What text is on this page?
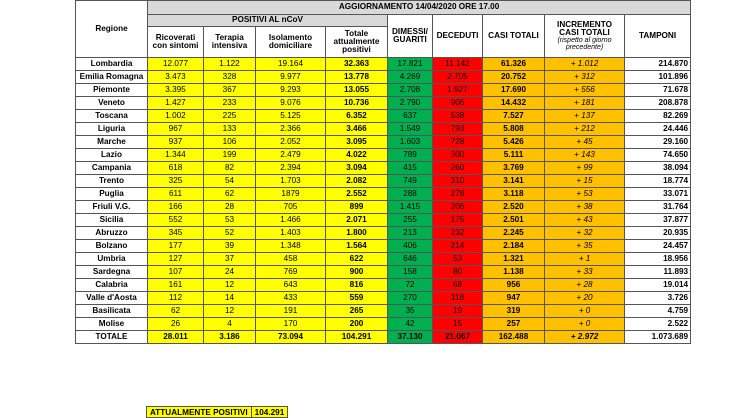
Regione	AGGIORNAMENTO 14/04/2020 ORE 17.00								
	POSITIVI AL nCoV				DIMESSI/ GUARITI	DECEDUTI	CASI TOTALI	INCREMENTO CASI TOTALI
(rispetto al giorno precedente)	TAMPONI
	Ricoverati con sintomi	Terapia intensiva	Isolamento domiciliare	Totale attualmente positivi					
Lombardia	12.077	1.122	19.164	32.363	17.821	11.142	61.326	+ 1.012	214.870
Emilia Romagna	3.473	328	9.977	13.778	4.269	2.705	20.752	+ 312	101.896
Piemonte	3.395	367	9.293	13.055	2.708	1.927	17.690	+ 556	71.678
Veneto	1.427	233	9.076	10.736	2.790	906	14.432	+ 181	208.878
Toscana	1.002	225	5.125	6.352	637	538	7.527	+ 137	82.269
Liguria	967	133	2.366	3.466	1.549	793	5.808	+ 212	24.446
Marche	937	106	2.052	3.095	1.603	728	5.426	+ 45	29.160
Lazio	1.344	199	2.479	4.022	789	300	5.111	+ 143	74.650
Campania	618	82	2.394	3.094	415	260	3.769	+ 99	38.094
Trento	325	54	1.703	2.082	749	310	3.141	+ 15	18.774
Puglia	611	62	1879	2.552	288	278	3.118	+ 53	33.071
Friuli V.G.	166	28	705	899	1.415	206	2.520	+ 38	31.764
Sicilia	552	53	1.466	2.071	255	175	2.501	+ 43	37.877
Abruzzo	345	52	1.403	1.800	213	232	2.245	+ 32	20.935
Bolzano	177	39	1.348	1.564	406	214	2.184	+ 35	24.457
Umbria	127	37	458	622	646	53	1.321	+ 1	18.956
Sardegna	107	24	769	900	158	80	1.138	+ 33	11.893
Calabria	161	12	643	816	72	68	956	+ 28	19.014
Valle d'Aosta	112	14	433	559	270	118	947	+ 20	3.726
Basilicata	62	12	191	265	35	19	319	+ 0	4.759
Molise	26	4	170	200	42	15	257	+ 0	2.522
TOTALE	28.011	3.186	73.094	104.291	37.130	21.067	162.488	+ 2.972	1.073.689
ATTUALMENTE POSITIVI	104.291
